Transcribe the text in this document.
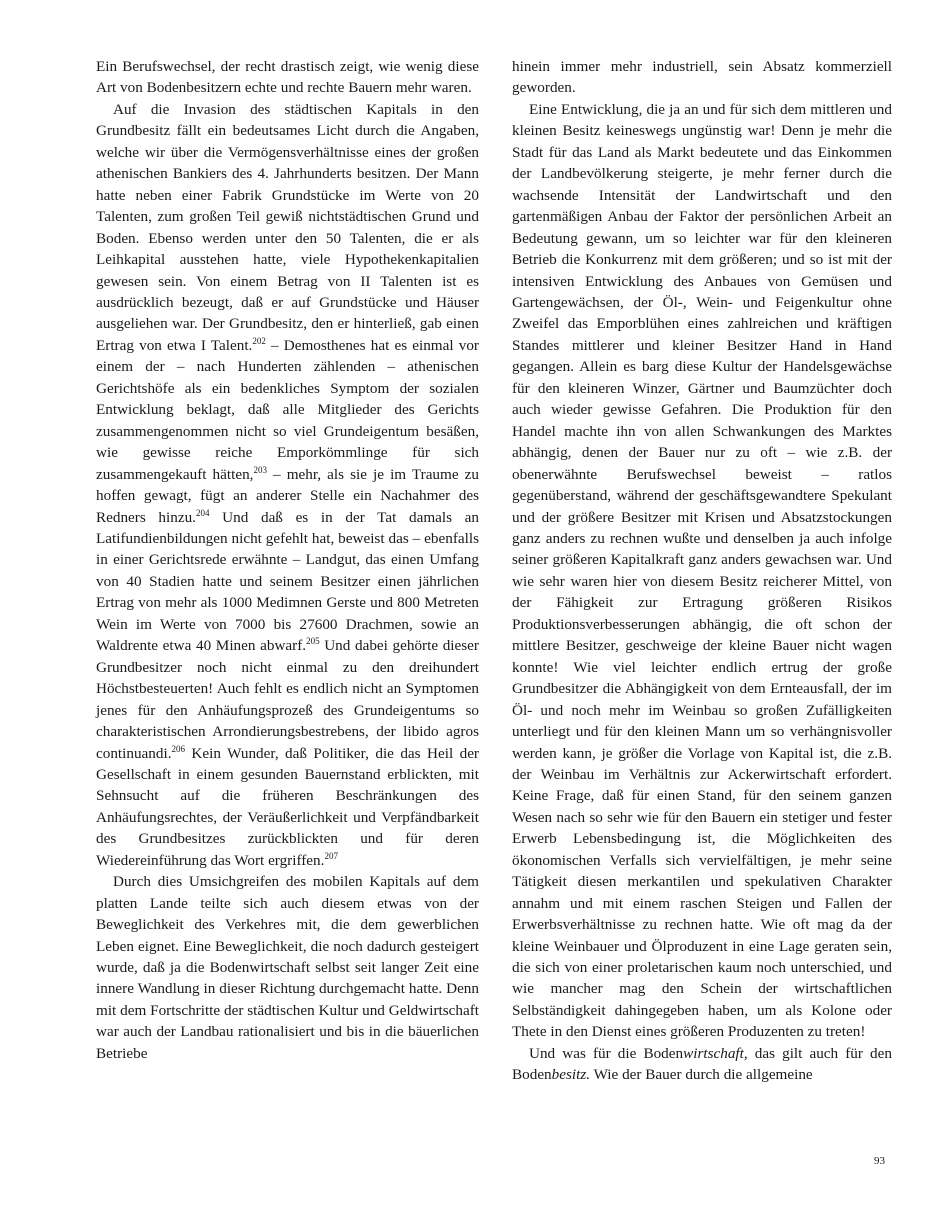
Ein Berufswechsel, der recht drastisch zeigt, wie wenig diese Art von Bodenbesitzern echte und rechte Bauern mehr waren.

Auf die Invasion des städtischen Kapitals in den Grundbesitz fällt ein bedeutsames Licht durch die Angaben, welche wir über die Vermögensverhältnisse eines der großen athenischen Bankiers des 4. Jahrhunderts besitzen. Der Mann hatte neben einer Fabrik Grundstücke im Werte von 20 Talenten, zum großen Teil gewiß nichtstädtischen Grund und Boden. Ebenso werden unter den 50 Talenten, die er als Leihkapital ausstehen hatte, viele Hypothekenkapitalien gewesen sein. Von einem Betrag von II Talenten ist es ausdrücklich bezeugt, daß er auf Grundstücke und Häuser ausgeliehen war. Der Grundbesitz, den er hinterließ, gab einen Ertrag von etwa I Talent.$^{202}$ – Demosthenes hat es einmal vor einem der – nach Hunderten zählenden – athenischen Gerichtshöfe als ein bedenkliches Symptom der sozialen Entwicklung beklagt, daß alle Mitglieder des Gerichts zusammengenommen nicht so viel Grundeigentum besäßen, wie gewisse reiche Emporkömmlinge für sich zusammengekauft hätten,$^{203}$ – mehr, als sie je im Traume zu hoffen gewagt, fügt an anderer Stelle ein Nachahmer des Redners hinzu.$^{204}$ Und daß es in der Tat damals an Latifundienbildungen nicht gefehlt hat, beweist das – ebenfalls in einer Gerichtsrede erwähnte – Landgut, das einen Umfang von 40 Stadien hatte und seinem Besitzer einen jährlichen Ertrag von mehr als 1000 Medimnen Gerste und 800 Metreten Wein im Werte von 7000 bis 27600 Drachmen, sowie an Waldrente etwa 40 Minen abwarf.$^{205}$ Und dabei gehörte dieser Grundbesitzer noch nicht einmal zu den dreihundert Höchstbesteuerten! Auch fehlt es endlich nicht an Symptomen jenes für den Anhäufungsprozeß des Grundeigentums so charakteristischen Arrondierungsbestrebens, der libido agros continuandi.$^{206}$ Kein Wunder, daß Politiker, die das Heil der Gesellschaft in einem gesunden Bauernstand erblickten, mit Sehnsucht auf die früheren Beschränkungen des Anhäufungsrechtes, der Veräußerlichkeit und Verpfändbarkeit des Grundbesitzes zurückblickten und für deren Wiedereinführung das Wort ergriffen.$^{207}$

Durch dies Umsichgreifen des mobilen Kapitals auf dem platten Lande teilte sich auch diesem etwas von der Beweglichkeit des Verkehres mit, die dem gewerblichen Leben eignet. Eine Beweglichkeit, die noch dadurch gesteigert wurde, daß ja die Bodenwirtschaft selbst seit langer Zeit eine innere Wandlung in dieser Richtung durchgemacht hatte. Denn mit dem Fortschritte der städtischen Kultur und Geldwirtschaft war auch der Landbau rationalisiert und bis in die bäuerlichen Betriebe

hinein immer mehr industriell, sein Absatz kommerziell geworden.

Eine Entwicklung, die ja an und für sich dem mittleren und kleinen Besitz keineswegs ungünstig war! Denn je mehr die Stadt für das Land als Markt bedeutete und das Einkommen der Landbevölkerung steigerte, je mehr ferner durch die wachsende Intensität der Landwirtschaft und den gartenmäßigen Anbau der Faktor der persönlichen Arbeit an Bedeutung gewann, um so leichter war für den kleineren Betrieb die Konkurrenz mit dem größeren; und so ist mit der intensiven Entwicklung des Anbaues von Gemüsen und Gartengewächsen, der Öl-, Wein- und Feigenkultur ohne Zweifel das Emporblühen eines zahlreichen und kräftigen Standes mittlerer und kleiner Besitzer Hand in Hand gegangen. Allein es barg diese Kultur der Handelsgewächse für den kleineren Winzer, Gärtner und Baumzüchter doch auch wieder gewisse Gefahren. Die Produktion für den Handel machte ihn von allen Schwankungen des Marktes abhängig, denen der Bauer nur zu oft – wie z.B. der obenerwähnte Berufswechsel beweist – ratlos gegenüberstand, während der geschäftsgewandtere Spekulant und der größere Besitzer mit Krisen und Absatzstockungen ganz anders zu rechnen wußte und denselben ja auch infolge seiner größeren Kapitalkraft ganz anders gewachsen war. Und wie sehr waren hier von diesem Besitz reicherer Mittel, von der Fähigkeit zur Ertragung größeren Risikos Produktionsverbesserungen abhängig, die oft schon der mittlere Besitzer, geschweige der kleine Bauer nicht wagen konnte! Wie viel leichter endlich ertrug der große Grundbesitzer die Abhängigkeit von dem Ernteausfall, der im Öl- und noch mehr im Weinbau so großen Zufälligkeiten unterliegt und für den kleinen Mann um so verhängnisvoller werden kann, je größer die Vorlage von Kapital ist, die z.B. der Weinbau im Verhältnis zur Ackerwirtschaft erfordert. Keine Frage, daß für einen Stand, für den seinem ganzen Wesen nach so sehr wie für den Bauern ein stetiger und fester Erwerb Lebensbedingung ist, die Möglichkeiten des ökonomischen Verfalls sich vervielfältigen, je mehr seine Tätigkeit diesen merkantilen und spekulativen Charakter annahm und mit einem raschen Steigen und Fallen der Erwerbsverhältnisse zu rechnen hatte. Wie oft mag da der kleine Weinbauer und Ölproduzent in eine Lage geraten sein, die sich von einer proletarischen kaum noch unterschied, und wie mancher mag den Schein der wirtschaftlichen Selbständigkeit dahingegeben haben, um als Kolone oder Thete in den Dienst eines größeren Produzenten zu treten!

Und was für die Bodenwirtschaft, das gilt auch für den Bodenbesitz. Wie der Bauer durch die allgemeine

93
